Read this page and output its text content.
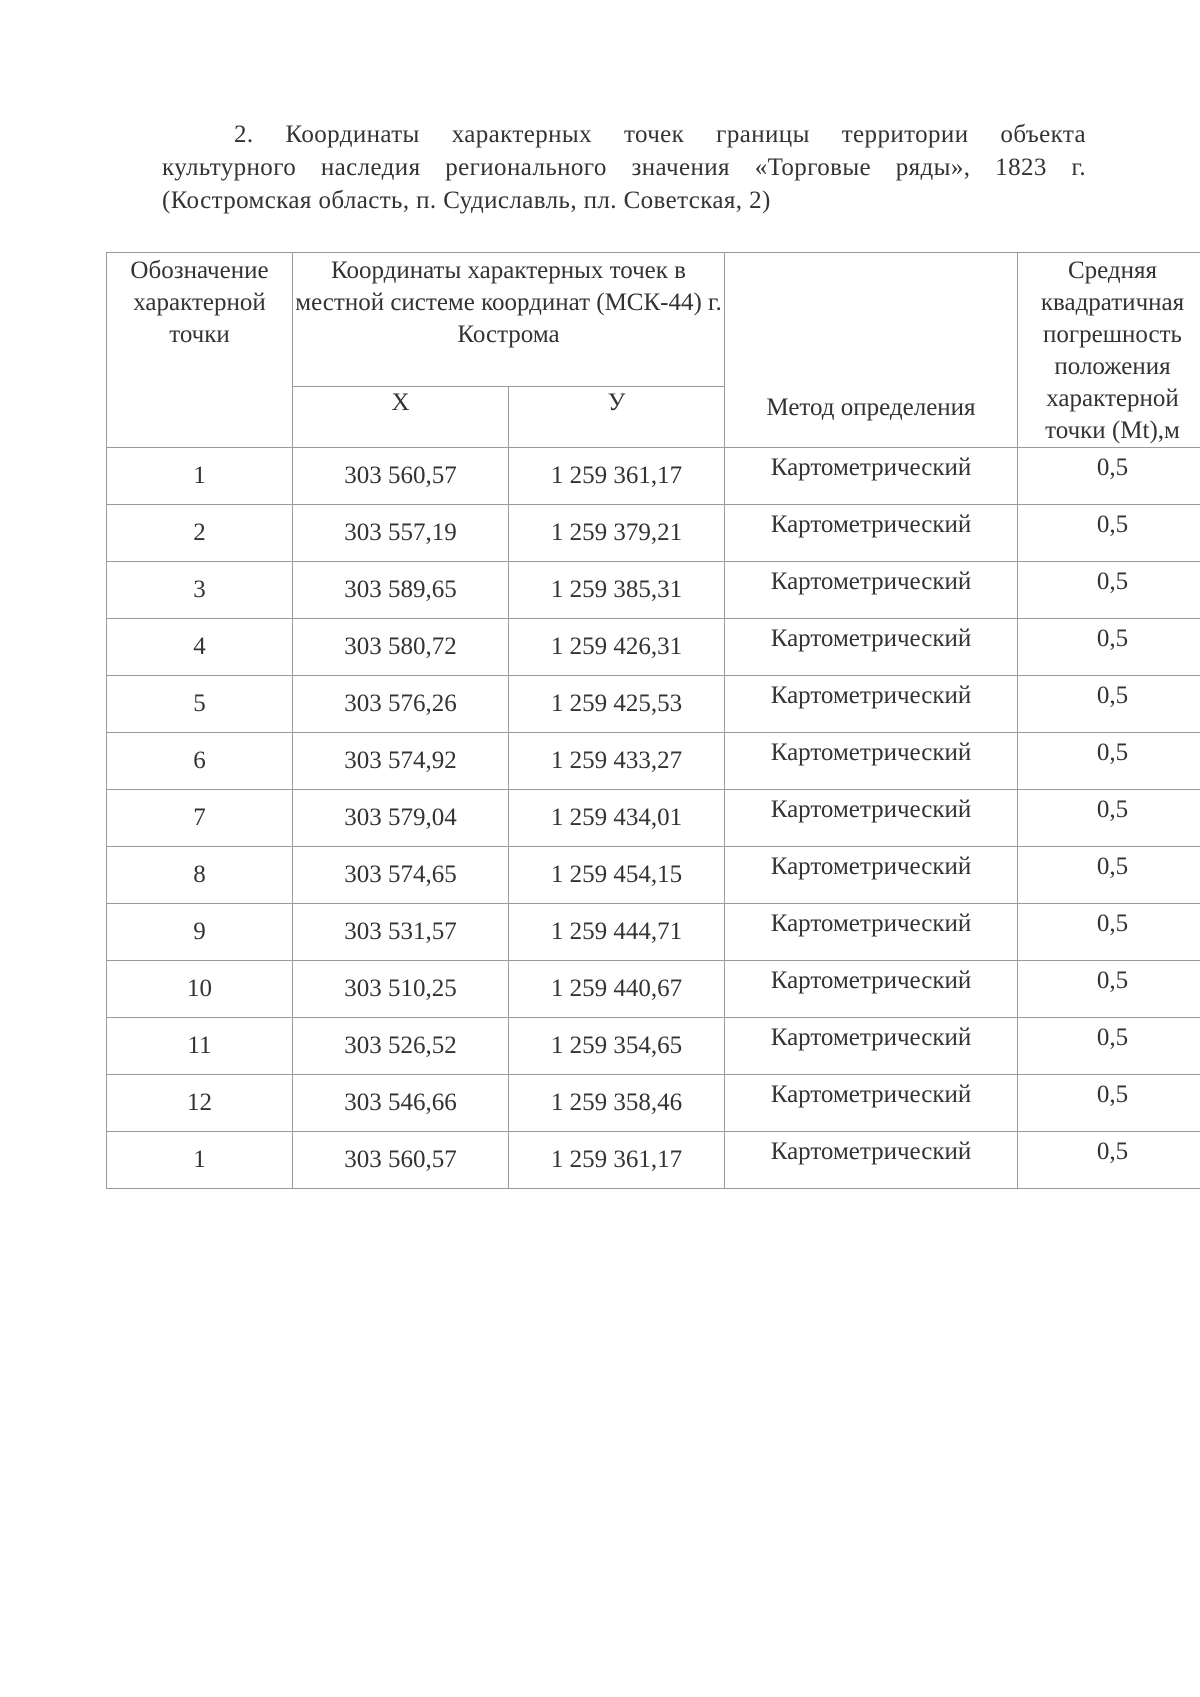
2. Координаты характерных точек границы территории объекта

культурного наследия регионального значения «Торговые ряды», 1823 г.

(Костромская область, п. Судиславль, пл. Советская, 2)

Обозначение характерной точки	Координаты характерных точек в местной системе координат (МСК-44) г. Кострома		Метод определения	Средняя квадратичная погрешность положения характерной точки (Mt),м
	Х	У		
1	303 560,57	1 259 361,17	Картометрический	0,5
2	303 557,19	1 259 379,21	Картометрический	0,5
3	303 589,65	1 259 385,31	Картометрический	0,5
4	303 580,72	1 259 426,31	Картометрический	0,5
5	303 576,26	1 259 425,53	Картометрический	0,5
6	303 574,92	1 259 433,27	Картометрический	0,5
7	303 579,04	1 259 434,01	Картометрический	0,5
8	303 574,65	1 259 454,15	Картометрический	0,5
9	303 531,57	1 259 444,71	Картометрический	0,5
10	303 510,25	1 259 440,67	Картометрический	0,5
11	303 526,52	1 259 354,65	Картометрический	0,5
12	303 546,66	1 259 358,46	Картометрический	0,5
1	303 560,57	1 259 361,17	Картометрический	0,5
